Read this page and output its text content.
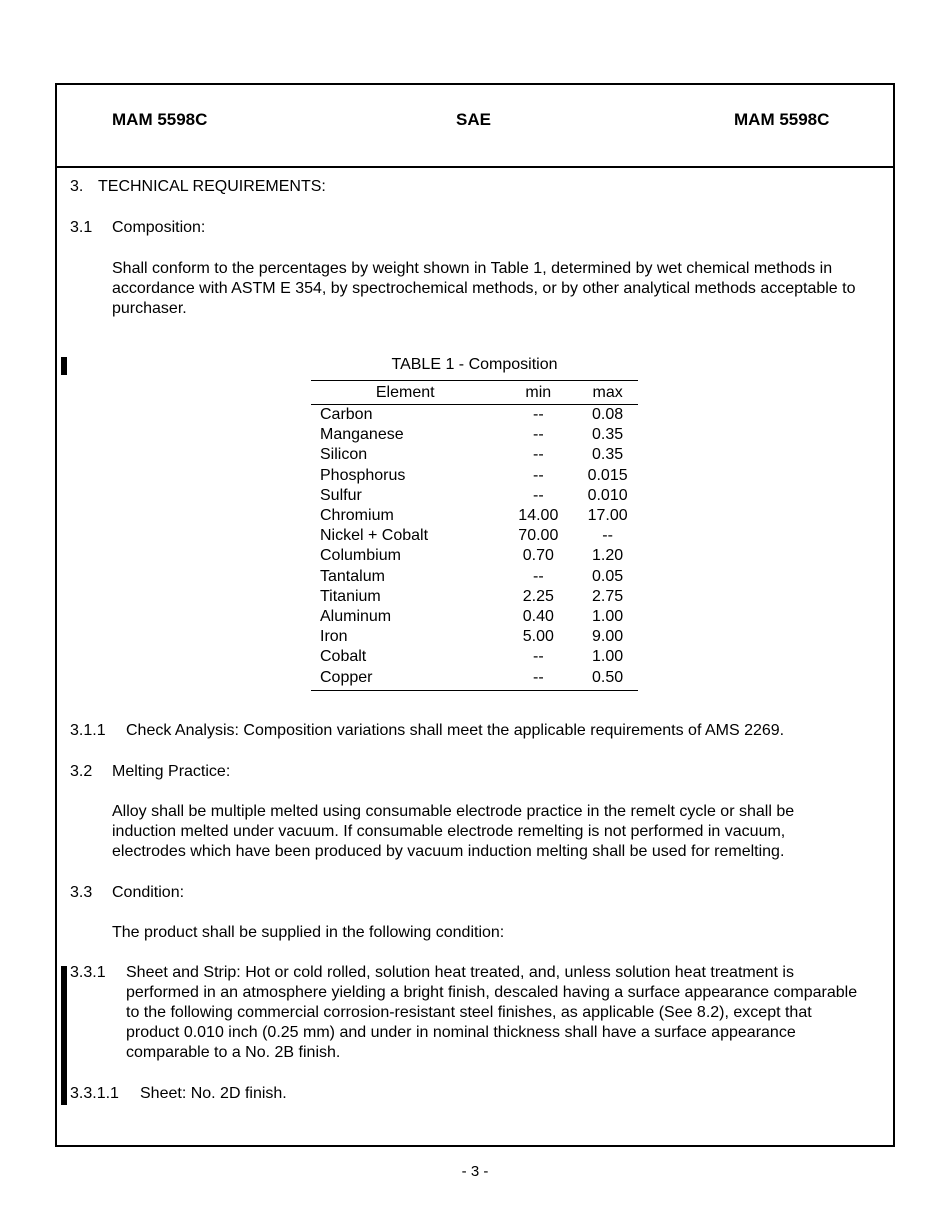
MAM 5598C	SAE	MAM 5598C
3. TECHNICAL REQUIREMENTS:
3.1 Composition:
Shall conform to the percentages by weight shown in Table 1, determined by wet chemical methods in accordance with ASTM E 354, by spectrochemical methods, or by other analytical methods acceptable to purchaser.
TABLE 1 - Composition
Element	min	max
Carbon	--	0.08
Manganese	--	0.35
Silicon	--	0.35
Phosphorus	--	0.015
Sulfur	--	0.010
Chromium	14.00	17.00
Nickel + Cobalt	70.00	--
Columbium	0.70	1.20
Tantalum	--	0.05
Titanium	2.25	2.75
Aluminum	0.40	1.00
Iron	5.00	9.00
Cobalt	--	1.00
Copper	--	0.50
3.1.1 Check Analysis: Composition variations shall meet the applicable requirements of AMS 2269.
3.2 Melting Practice:
Alloy shall be multiple melted using consumable electrode practice in the remelt cycle or shall be induction melted under vacuum. If consumable electrode remelting is not performed in vacuum, electrodes which have been produced by vacuum induction melting shall be used for remelting.
3.3 Condition:
The product shall be supplied in the following condition:
3.3.1 Sheet and Strip: Hot or cold rolled, solution heat treated, and, unless solution heat treatment is performed in an atmosphere yielding a bright finish, descaled having a surface appearance comparable to the following commercial corrosion-resistant steel finishes, as applicable (See 8.2), except that product 0.010 inch (0.25 mm) and under in nominal thickness shall have a surface appearance comparable to a No. 2B finish.
3.3.1.1 Sheet: No. 2D finish.
- 3 -
